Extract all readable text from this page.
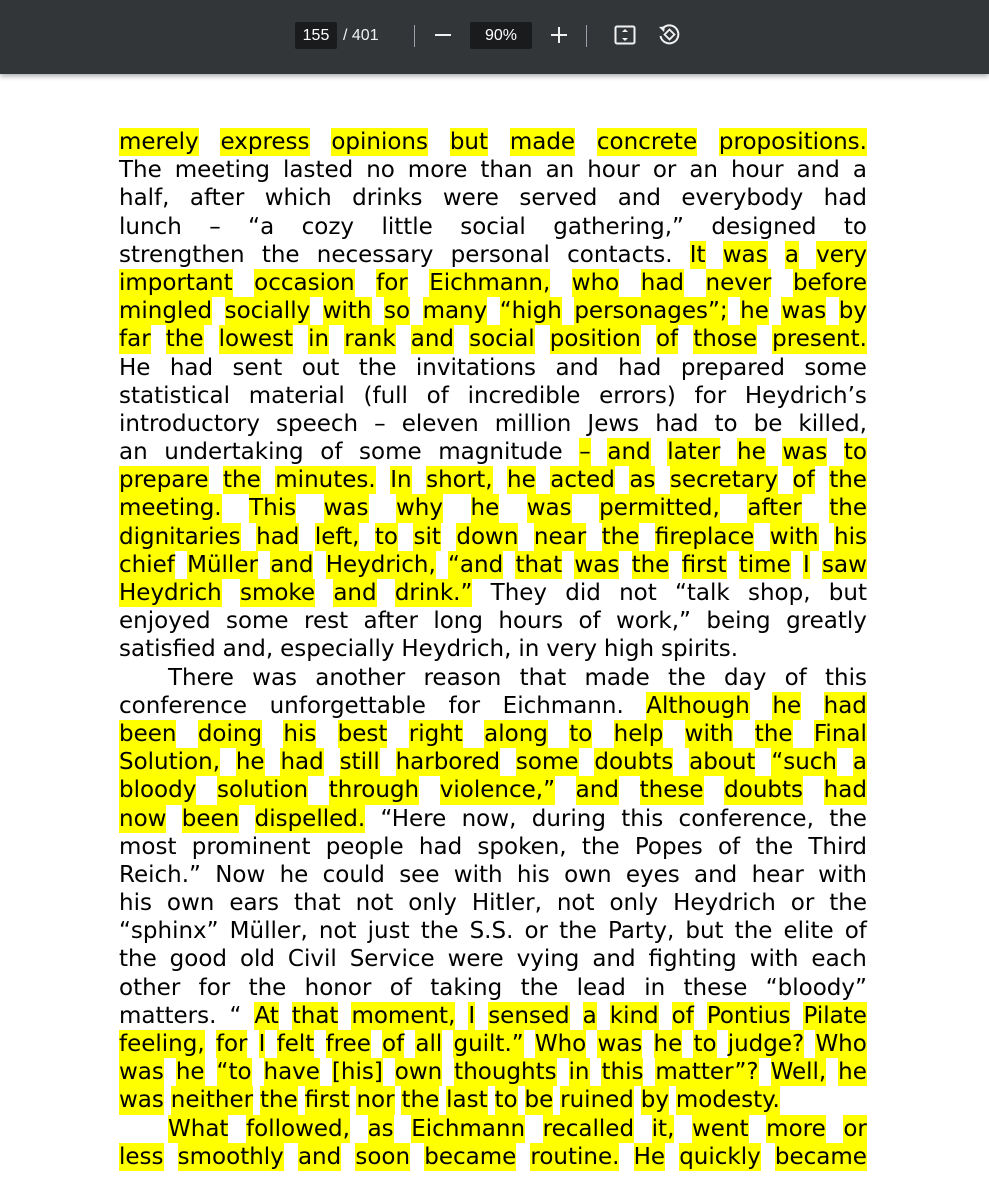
155 / 401	90%
merely express opinions but made concrete propositions.
The meeting lasted no more than an hour or an hour and a
half, after which drinks were served and everybody had
lunch – “a cozy little social gathering,” designed to
strengthen the necessary personal contacts. It was a very
important occasion for Eichmann, who had never before
mingled socially with so many “high personages”; he was by
far the lowest in rank and social position of those present.
He had sent out the invitations and had prepared some
statistical material (full of incredible errors) for Heydrich’s
introductory speech – eleven million Jews had to be killed,
an undertaking of some magnitude – and later he was to
prepare the minutes. In short, he acted as secretary of the
meeting. This was why he was permitted, after the
dignitaries had left, to sit down near the fireplace with his
chief Müller and Heydrich, “and that was the first time I saw
Heydrich smoke and drink.” They did not “talk shop, but
enjoyed some rest after long hours of work,” being greatly
satisfied and, especially Heydrich, in very high spirits.
There was another reason that made the day of this
conference unforgettable for Eichmann. Although he had
been doing his best right along to help with the Final
Solution, he had still harbored some doubts about “such a
bloody solution through violence,” and these doubts had
now been dispelled. “Here now, during this conference, the
most prominent people had spoken, the Popes of the Third
Reich.” Now he could see with his own eyes and hear with
his own ears that not only Hitler, not only Heydrich or the
“sphinx” Müller, not just the S.S. or the Party, but the elite of
the good old Civil Service were vying and fighting with each
other for the honor of taking the lead in these “bloody”
matters. “ At that moment, I sensed a kind of Pontius Pilate
feeling, for I felt free of all guilt.” Who was he to judge? Who
was he “to have [his] own thoughts in this matter”? Well, he
was neither the first nor the last to be ruined by modesty.
What followed, as Eichmann recalled it, went more or
less smoothly and soon became routine. He quickly became
